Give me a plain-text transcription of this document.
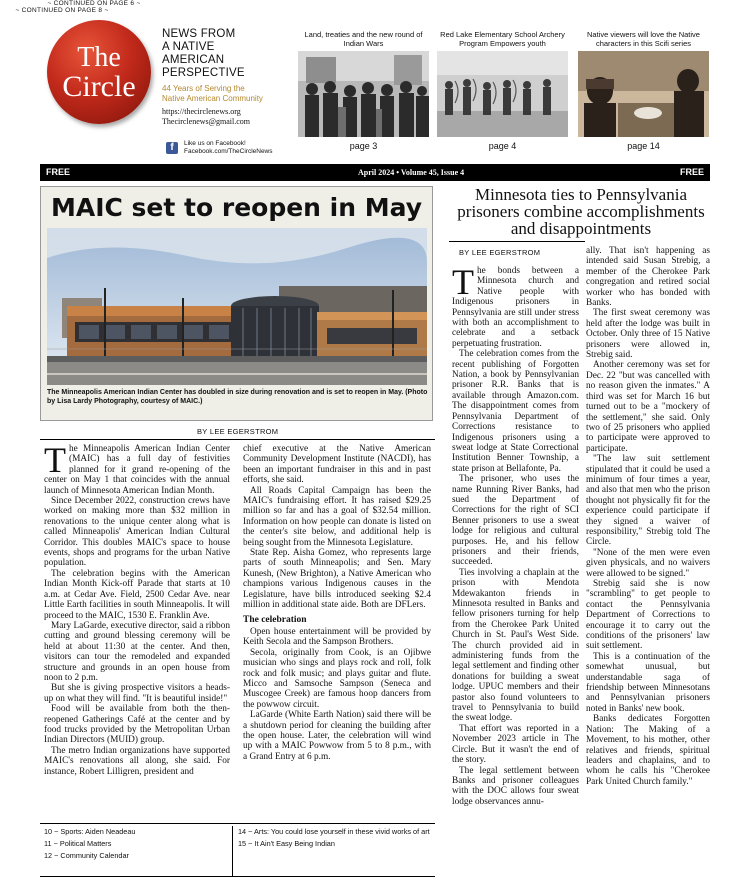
The
Circle
NEWS FROM
A NATIVE
AMERICAN
PERSPECTIVE
44 Years of Serving the
Native American Community
https://thecirclenews.org
Thecirclenews@gmail.com
f	Like us on Facebook!
Facebook.com/TheCircleNews
Land, treaties and the new round of Indian Wars
page 3
Red Lake Elementary School Archery Program Empowers youth
page 4
Native viewers will love the Native characters in this Scifi series
page 14
FREE	April 2024 • Volume 45, Issue 4	FREE
MAIC set to reopen in May
The Minneapolis American Indian Center has doubled in size during renovation and is set to reopen in May. (Photo by Lisa Lardy Photography, courtesy of MAIC.)
BY LEE EGERSTROM

The Minneapolis American Indian Center (MAIC) has a full day of festivities planned for it grand re-opening of the center on May 1 that coincides with the annual launch of Minnesota American Indian Month.

Since December 2022, construction crews have worked on making more than $32 million in renovations to the unique center along what is called Minneapolis' American Indian Cultural Corridor. This doubles MAIC's space to house events, shops and programs for the urban Native population.

The celebration begins with the American Indian Month Kick-off Parade that starts at 10 a.m. at Cedar Ave. Field, 2500 Cedar Ave. near Little Earth facilities in south Minneapolis. It will proceed to the MAIC, 1530 E. Franklin Ave.

Mary LaGarde, executive director, said a ribbon cutting and ground blessing ceremony will be held at about 11:30 at the center. And then, visitors can tour the remodeled and expanded structure and grounds in an open house from noon to 2 p.m.

But she is giving prospective visitors a heads-up on what they will find. "It is beautiful inside!"

Food will be available from both the then-reopened Gatherings Café at the center and by food trucks provided by the Metropolitan Urban Indian Directors (MUID) group.

The metro Indian organizations have supported MAIC's renovations all along, she said. For instance, Robert Lilligren, president and

chief executive at the Native American Community Development Institute (NACDI), has been an important fundraiser in this and in past efforts, she said.

All Roads Capital Campaign has been the MAIC's fundraising effort. It has raised $29.25 million so far and has a goal of $32.54 million. Information on how people can donate is listed on the center's site below, and additional help is being sought from the Minnesota Legislature.

State Rep. Aisha Gomez, who represents large parts of south Minneapolis; and Sen. Mary Kunesh, (New Brighton), a Native American who champions various Indigenous causes in the Legislature, have bills introduced seeking $2.4 million in additional state aide. Both are DFLers.

The celebration

Open house entertainment will be provided by Keith Secola and the Sampson Brothers.

Secola, originally from Cook, is an Ojibwe musician who sings and plays rock and roll, folk rock and folk music; and plays guitar and flute. Micco and Samsoche Sampson (Seneca and Muscogee Creek) are famous hoop dancers from the powwow circuit.

LaGarde (White Earth Nation) said there will be a shutdown period for cleaning the building after the open house. Later, the celebration will wind up with a MAIC Powwow from 5 to 8 p.m., with a Grand Entry at 6 p.m.

~ CONTINUED ON PAGE 6 ~
Minnesota ties to Pennsylvania prisoners combine accomplishments and disappointments
BY LEE EGERSTROM

The bonds between a Minnesota church and Native people with Indigenous prisoners in Pennsylvania are still under stress with both an accomplishment to celebrate and a setback perpetuating frustration.

The celebration comes from the recent publishing of Forgotten Nation, a book by Pennsylvanian prisoner R.R. Banks that is available through Amazon.com. The disappointment comes from Pennsylvania Department of Corrections resistance to Indigenous prisoners using a sweat lodge at State Correctional Institution Benner Township, a state prison at Bellafonte, Pa.

The prisoner, who uses the name Running River Banks, had sued the Department of Corrections for the right of SCI Benner prisoners to use a sweat lodge for religious and cultural purposes. He, and his fellow prisoners and their friends, succeeded.

Ties involving a chaplain at the prison with Mendota Mdewakanton friends in Minnesota resulted in Banks and fellow prisoners turning for help from the Cherokee Park United Church in St. Paul's West Side. The church provided aid in administering funds from the legal settlement and finding other donations for building a sweat lodge. UPUC members and their pastor also found volunteers to travel to Pennsylvania to build the sweat lodge.

That effort was reported in a November 2023 article in The Circle. But it wasn't the end of the story.

The legal settlement between Banks and prisoner colleagues with the DOC allows four sweat lodge observances annu-

ally. That isn't happening as intended said Susan Strebig, a member of the Cherokee Park congregation and retired social worker who has bonded with Banks.

The first sweat ceremony was held after the lodge was built in October. Only three of 15 Native prisoners were allowed in, Strebig said.

Another ceremony was set for Dec. 22 "but was cancelled with no reason given the inmates." A third was set for March 16 but turned out to be a "mockery of the settlement," she said. Only two of 25 prisoners who applied to participate were approved to participate.

"The law suit settlement stipulated that it could be used a minimum of four times a year, and also that men who the prison thought not physically fit for the experience could participate if they signed a waiver of responsibility," Strebig told The Circle.

"None of the men were even given physicals, and no waivers were allowed to be signed."

Strebig said she is now "scrambling" to get people to contact the Pennsylvania Department of Corrections to encourage it to carry out the conditions of the prisoners' law suit settlement.

This is a continuation of the somewhat unusual, but understandable saga of friendship between Minnesotans and Pennsylvanian prisoners noted in Banks' new book.

Banks dedicates Forgotten Nation: The Making of a Movement, to his mother, other relatives and friends, spiritual leaders and chaplains, and to whom he calls his "Cherokee Park United Church family."

~ CONTINUED ON PAGE 8 ~
10 ~ Sports: Aiden Neadeau
11 ~ Political Matters
12 ~ Community Calendar
14 ~ Arts: You could lose yourself in these vivid works of art
15 ~ It Ain't Easy Being Indian
